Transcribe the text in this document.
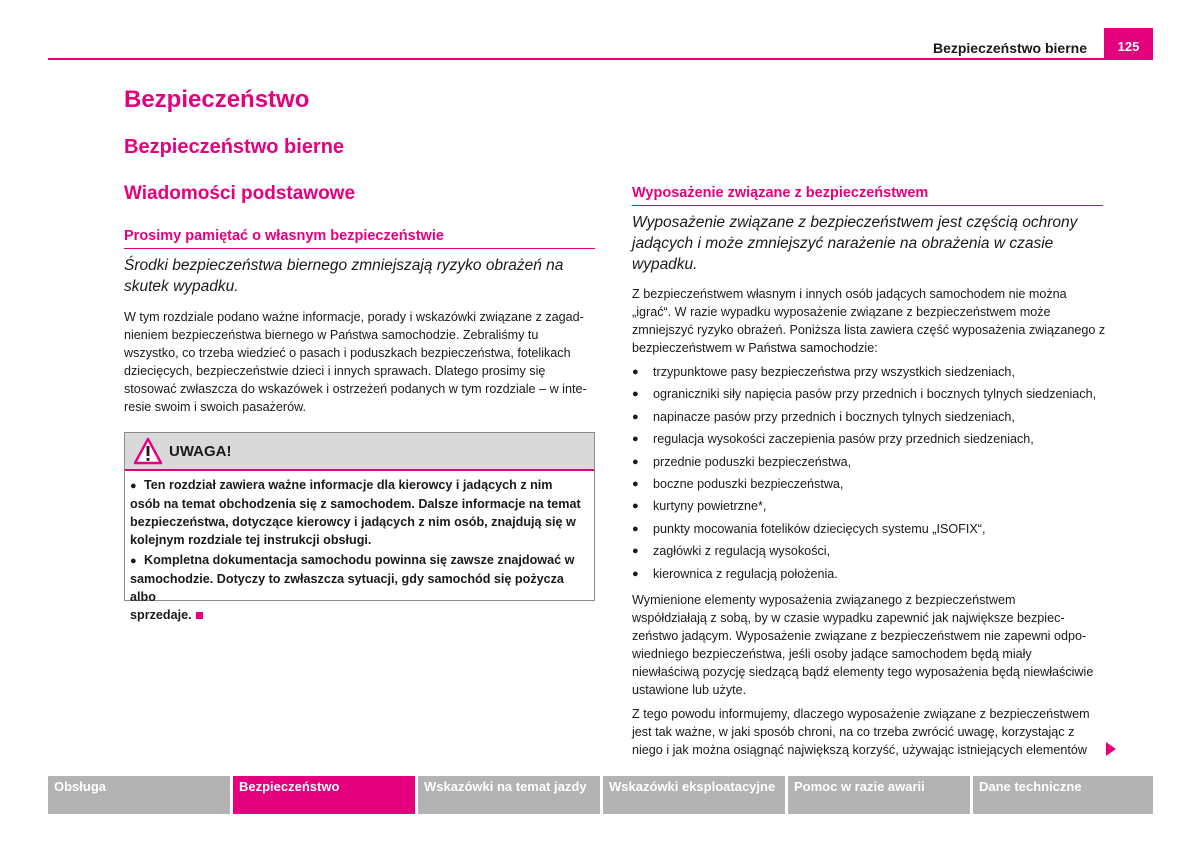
Bezpieczeństwo bierne 125
Bezpieczeństwo
Bezpieczeństwo bierne
Wiadomości podstawowe
Prosimy pamiętać o własnym bezpieczeństwie
Środki bezpieczeństwa biernego zmniejszają ryzyko obrażeń na
skutek wypadku.
W tym rozdziale podano ważne informacje, porady i wskazówki związane z zagad-
nieniem bezpieczeństwa biernego w Państwa samochodzie. Zebraliśmy tu
wszystko, co trzeba wiedzieć o pasach i poduszkach bezpieczeństwa, fotelikach
dziecięcych, bezpieczeństwie dzieci i innych sprawach. Dlatego prosimy się
stosować zwłaszcza do wskazówek i ostrzeżeń podanych w tym rozdziale – w inte-
resie swoim i swoich pasażerów.
UWAGA!

● Ten rozdział zawiera ważne informacje dla kierowcy i jadących z nim
osób na temat obchodzenia się z samochodem. Dalsze informacje na temat
bezpieczeństwa, dotyczące kierowcy i jadących z nim osób, znajdują się w
kolejnym rozdziale tej instrukcji obsługi.

● Kompletna dokumentacja samochodu powinna się zawsze znajdować w
samochodzie. Dotyczy to zwłaszcza sytuacji, gdy samochód się pożycza albo
sprzedaje.

Wyposażenie związane z bezpieczeństwem
Wyposażenie związane z bezpieczeństwem jest częścią ochrony
jadących i może zmniejszyć narażenie na obrażenia w czasie
wypadku.
Z bezpieczeństwem własnym i innych osób jadących samochodem nie można
„igrać“. W razie wypadku wyposażenie związane z bezpieczeństwem może
zmniejszyć ryzyko obrażeń. Poniższa lista zawiera część wyposażenia związanego z
bezpieczeństwem w Państwa samochodzie:
● trzypunktowe pasy bezpieczeństwa przy wszystkich siedzeniach,
● ograniczniki siły napięcia pasów przy przednich i bocznych tylnych siedzeniach,
● napinacze pasów przy przednich i bocznych tylnych siedzeniach,
● regulacja wysokości zaczepienia pasów przy przednich siedzeniach,
● przednie poduszki bezpieczeństwa,
● boczne poduszki bezpieczeństwa,
● kurtyny powietrzne*,
● punkty mocowania fotelików dziecięcych systemu „ISOFIX“,
● zagłówki z regulacją wysokości,
● kierownica z regulacją położenia.
Wymienione elementy wyposażenia związanego z bezpieczeństwem
współdziałają z sobą, by w czasie wypadku zapewnić jak największe bezpiec-
zeństwo jadącym. Wyposażenie związane z bezpieczeństwem nie zapewni odpo-
wiedniego bezpieczeństwa, jeśli osoby jadące samochodem będą miały
niewłaściwą pozycję siedzącą bądź elementy tego wyposażenia będą niewłaściwie
ustawione lub użyte.
Z tego powodu informujemy, dlaczego wyposażenie związane z bezpieczeństwem
jest tak ważne, w jaki sposób chroni, na co trzeba zwrócić uwagę, korzystając z
niego i jak można osiągnąć największą korzyść, używając istniejących elementów
Obsługa	Bezpieczeństwo	Wskazówki na temat jazdy	Wskazówki eksploatacyjne	Pomoc w razie awarii	Dane techniczne
